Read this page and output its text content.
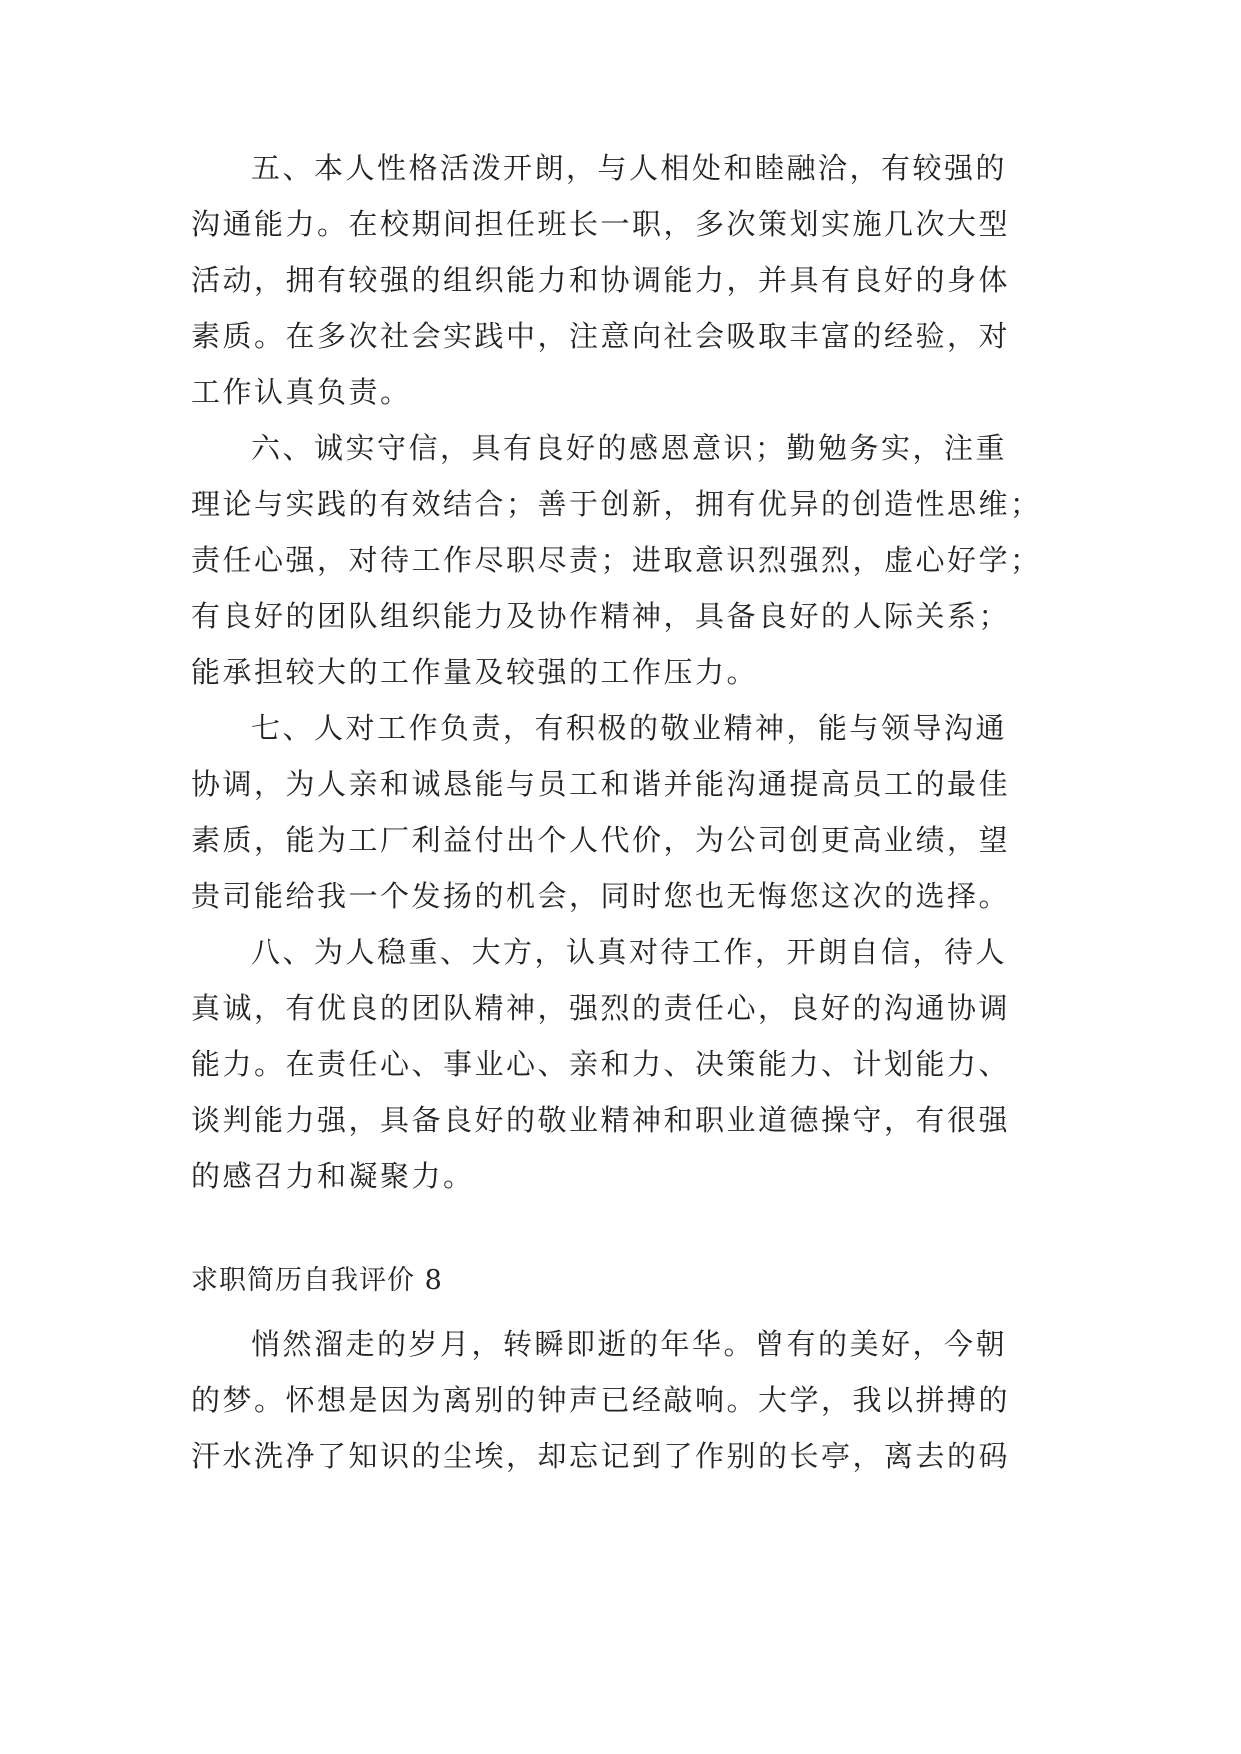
五、本人性格活泼开朗，与人相处和睦融洽，有较强的
沟通能力。在校期间担任班长一职，多次策划实施几次大型
活动，拥有较强的组织能力和协调能力，并具有良好的身体
素质。在多次社会实践中，注意向社会吸取丰富的经验，对
工作认真负责。
六、诚实守信，具有良好的感恩意识；勤勉务实，注重
理论与实践的有效结合；善于创新，拥有优异的创造性思维；
责任心强，对待工作尽职尽责；进取意识烈强烈，虚心好学；
有良好的团队组织能力及协作精神，具备良好的人际关系；
能承担较大的工作量及较强的工作压力。
七、人对工作负责，有积极的敬业精神，能与领导沟通
协调，为人亲和诚恳能与员工和谐并能沟通提高员工的最佳
素质，能为工厂利益付出个人代价，为公司创更高业绩，望
贵司能给我一个发扬的机会，同时您也无悔您这次的选择。
八、为人稳重、大方，认真对待工作，开朗自信，待人
真诚，有优良的团队精神，强烈的责任心，良好的沟通协调
能力。在责任心、事业心、亲和力、决策能力、计划能力、
谈判能力强，具备良好的敬业精神和职业道德操守，有很强
的感召力和凝聚力。
求职简历自我评价 8
悄然溜走的岁月，转瞬即逝的年华。曾有的美好，今朝
的梦。怀想是因为离别的钟声已经敲响。大学，我以拼搏的
汗水洗净了知识的尘埃，却忘记到了作别的长亭，离去的码
